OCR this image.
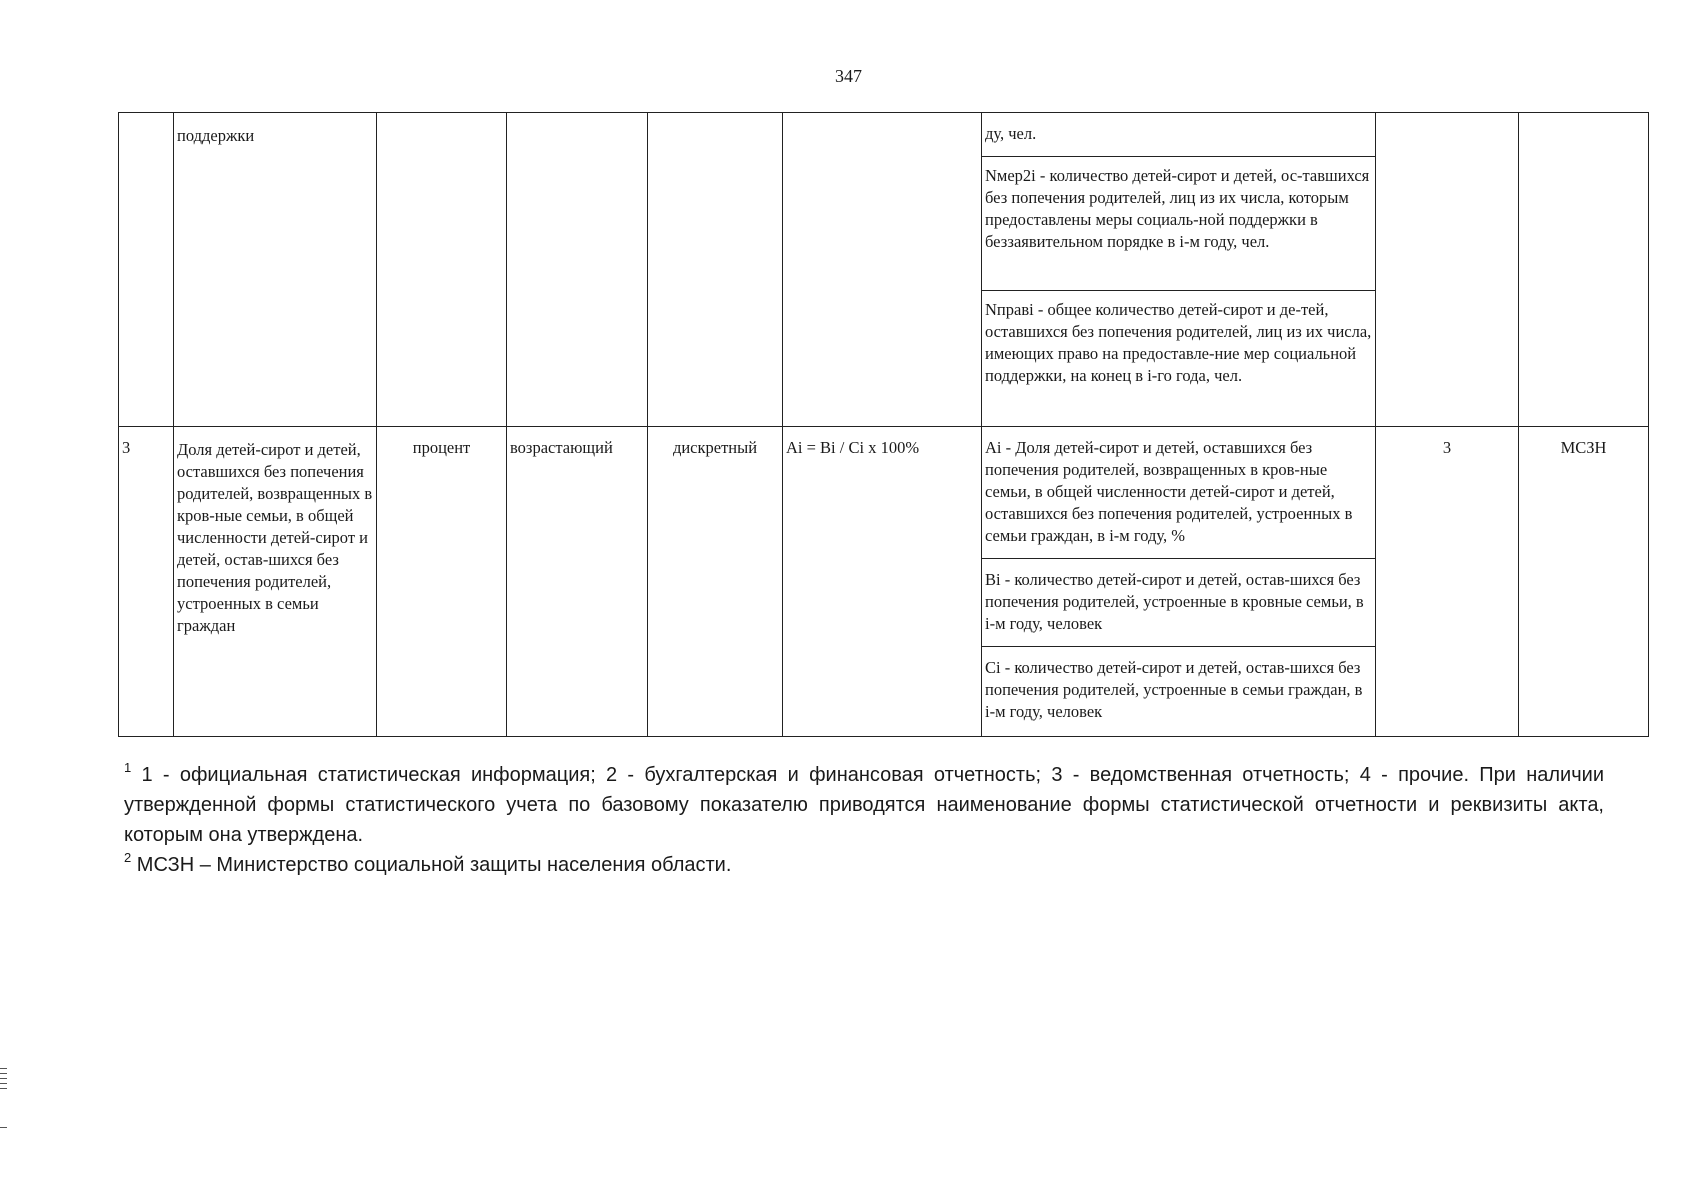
347
	поддержки					ду, чел.		
						Nмер2i - количество детей-сирот и детей, ос-тавшихся без попечения родителей, лиц из их числа, которым предоставлены меры социаль-ной поддержки в беззаявительном порядке в i-м году, чел.		
						Nправі - общее количество детей-сирот и де-тей, оставшихся без попечения родителей, лиц из их числа, имеющих право на предоставле-ние мер социальной поддержки, на конец в i-го года, чел.		
3	Доля детей-сирот и детей, оставшихся без попечения родителей, возвращенных в кров-ные семьи, в общей численности детей-сирот и детей, остав-шихся без попечения родителей, устроенных в семьи граждан	процент	возрастающий	дискретный	Ai = Bi / Ci x 100%	Ai - Доля детей-сирот и детей, оставшихся без попечения родителей, возвращенных в кров-ные семьи, в общей численности детей-сирот и детей, оставшихся без попечения родителей, устроенных в семьи граждан, в i-м году, %	3	МСЗН
						Bi - количество детей-сирот и детей, остав-шихся без попечения родителей, устроенные в кровные семьи, в i-м году, человек		
						Ci - количество детей-сирот и детей, остав-шихся без попечения родителей, устроенные в семьи граждан, в i-м году, человек		

$^1$ 1 - официальная статистическая информация; 2 - бухгалтерская и финансовая отчетность; 3 - ведомственная отчетность; 4 - прочие. При наличии утвержденной формы статистического учета по базовому показателю приводятся наименование формы статистической отчетности и реквизиты акта, которым она утверждена.

$^2$ МСЗН – Министерство социальной защиты населения области.
